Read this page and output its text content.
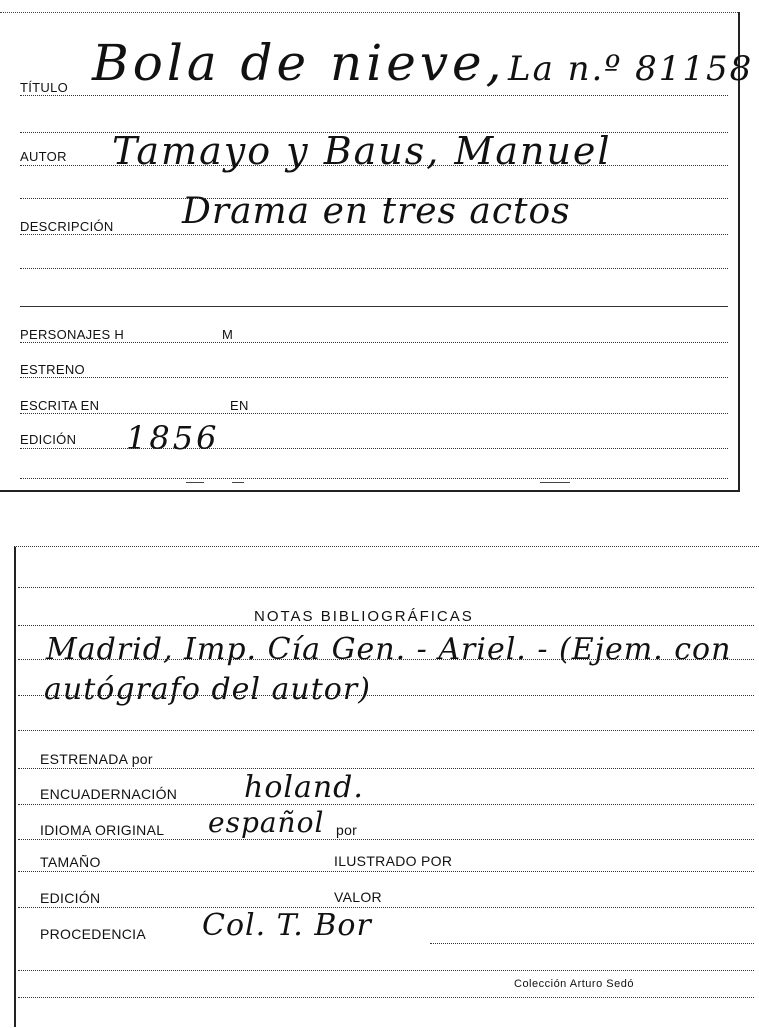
TÍTULO Bola de nieve, La n.º 81158
AUTOR Tamayo y Baus, Manuel
DESCRIPCIÓN Drama en tres actos
PERSONAJES H	M
ESTRENO
ESCRITA EN	EN
EDICIÓN 1856
NOTAS BIBLIOGRÁFICAS
Madrid, Imp. Cía Gen. - Ariel. - (Ejem. con
autógrafo del autor)
ESTRENADA por
ENCUADERNACIÓN holand.
IDIOMA ORIGINAL español por
TAMAÑO	ILUSTRADO POR
EDICIÓN	VALOR
PROCEDENCIA Col. T. Bor
Colección Arturo Sedó
